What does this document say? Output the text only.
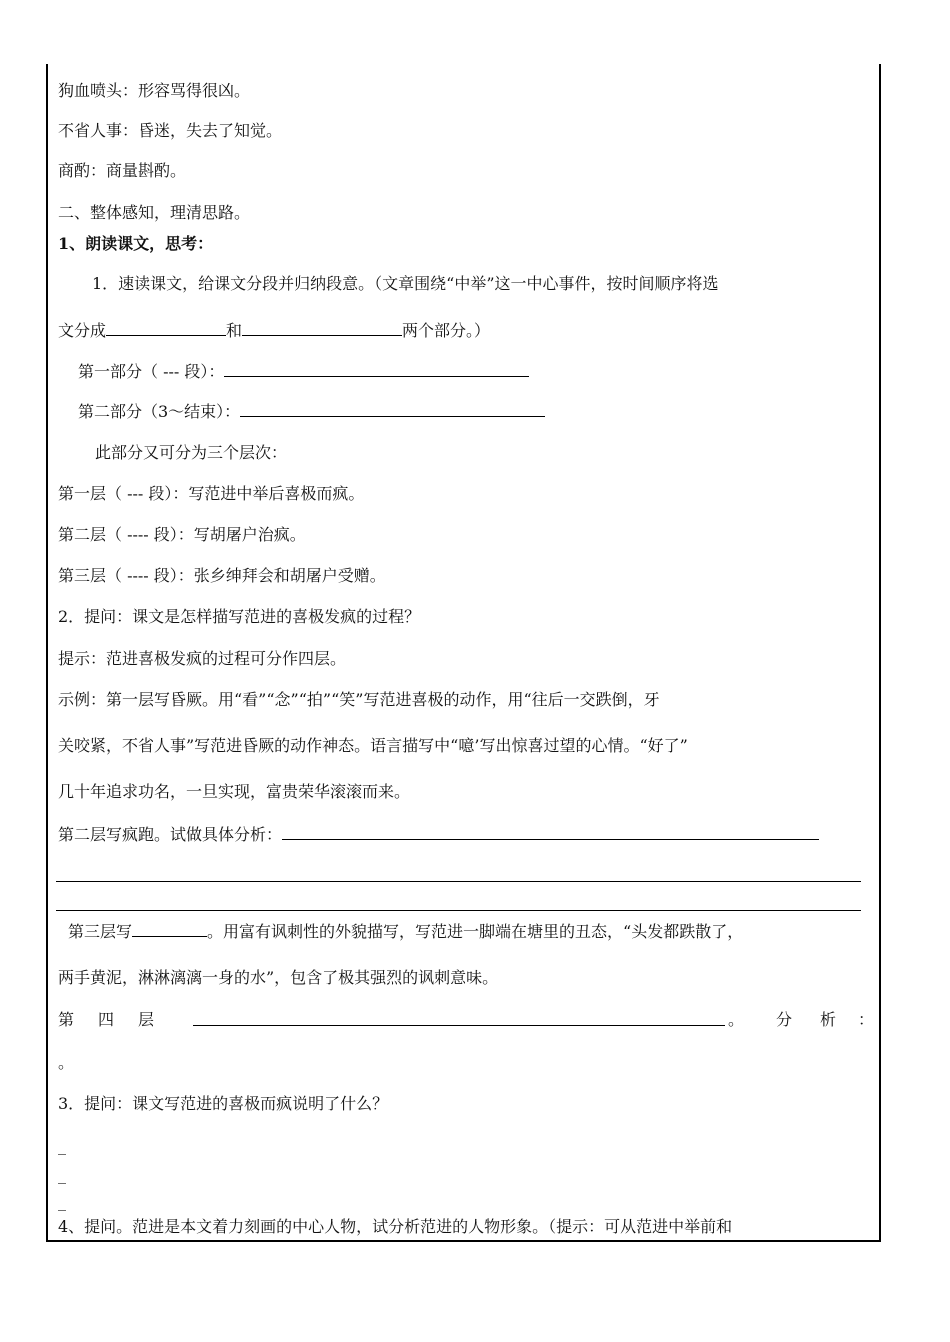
狗血喷头：形容骂得很凶。
不省人事：昏迷，失去了知觉。
商酌：商量斟酌。
二、整体感知，理清思路。
1、朗读课文，思考：
1．速读课文，给课文分段并归纳段意。（文章围绕“中举”这一中心事件，按时间顺序将选
文分成	和	两个部分。）
第一部分（ --- 段）：
第二部分（3～结束）：
此部分又可分为三个层次：
第一层（ --- 段）：写范进中举后喜极而疯。
第二层（ ---- 段）：写胡屠户治疯。
第三层（ ---- 段）：张乡绅拜会和胡屠户受赠。
2．提问：课文是怎样描写范进的喜极发疯的过程？
提示：范进喜极发疯的过程可分作四层。
示例：第一层写昏厥。用“看”“念”“拍”“笑”写范进喜极的动作，用“往后一交跌倒，牙
关咬紧，不省人事”写范进昏厥的动作神态。语言描写中“噫’写出惊喜过望的心情。“好了”
几十年追求功名，一旦实现，富贵荣华滚滚而来。
第二层写疯跑。试做具体分析：
第三层写	。用富有讽刺性的外貌描写，写范进一脚端在塘里的丑态，“头发都跌散了，
两手黄泥，淋淋漓漓一身的水”，包含了极其强烈的讽刺意味。
第 四 层	。 分 析 ：
。
3．提问：课文写范进的喜极而疯说明了什么？
_
_
_
4、提问。范进是本文着力刻画的中心人物，试分析范进的人物形象。（提示：可从范进中举前和
